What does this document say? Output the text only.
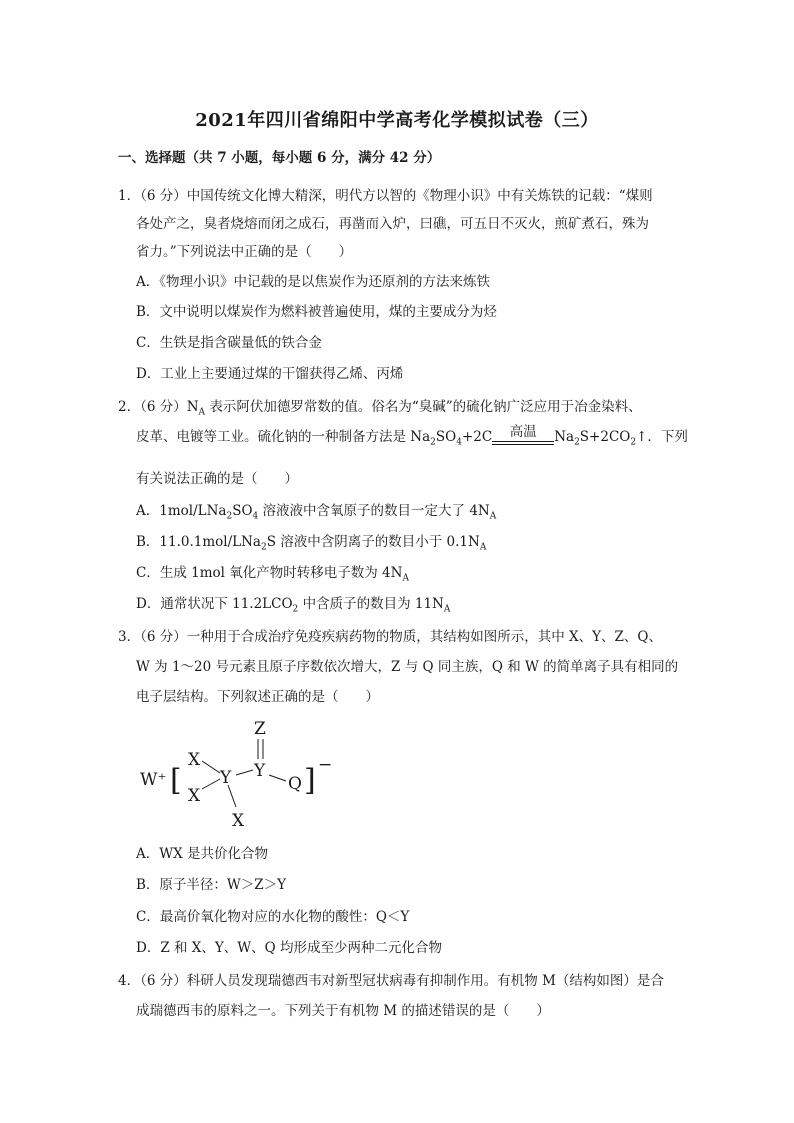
2021年四川省绵阳中学高考化学模拟试卷（三）
一、选择题（共 7 小题，每小题 6 分，满分 42 分）
1．（6 分）中国传统文化博大精深，明代方以智的《物理小识》中有关炼铁的记载：“煤则
各处产之，臭者烧熔而闭之成石，再凿而入炉，曰礁，可五日不灭火，煎矿煮石，殊为
省力。”下列说法中正确的是（　　）
A．《物理小识》中记载的是以焦炭作为还原剂的方法来炼铁
B．文中说明以煤炭作为燃料被普遍使用，煤的主要成分为烃
C．生铁是指含碳量低的铁合金
D．工业上主要通过煤的干馏获得乙烯、丙烯
2．（6 分）$N_A$ 表示阿伏加德罗常数的值。俗名为“臭碱”的硫化钠广泛应用于冶金染料、
皮革、电镀等工业。硫化钠的一种制备方法是 $Na_2SO_4+2C$	高温	$Na_2S+2CO_2↑$．下列
有关说法正确的是（　　）
A．$1mol/LNa_2SO_4$ 溶液液中含氧原子的数目一定大了 $4N_A$
B．11.0.1mol/LNa$_2$S 溶液中含阴离子的数目小于 $0.1N_A$
C．生成 1mol 氧化产物时转移电子数为 $4N_A$
D．通常状况下 $11.2LCO_2$ 中含质子的数目为 $11N_A$
3．（6 分）一种用于合成治疗免疫疾病药物的物质，其结构如图所示，其中 X、Y、Z、Q、
W 为 1～20 号元素且原子序数依次增大，Z 与 Q 同主族，Q 和 W 的简单离子具有相同的
电子层结构。下列叙述正确的是（　　）
W⁺ [
X
X
X
Y Y
Z
Q ] −
A．WX 是共价化合物
B．原子半径：W＞Z＞Y
C．最高价氧化物对应的水化物的酸性：Q＜Y
D．Z 和 X、Y、W、Q 均形成至少两种二元化合物
4．（6 分）科研人员发现瑞德西韦对新型冠状病毒有抑制作用。有机物 M（结构如图）是合
成瑞德西韦的原料之一。下列关于有机物 M 的描述错误的是（　　）
